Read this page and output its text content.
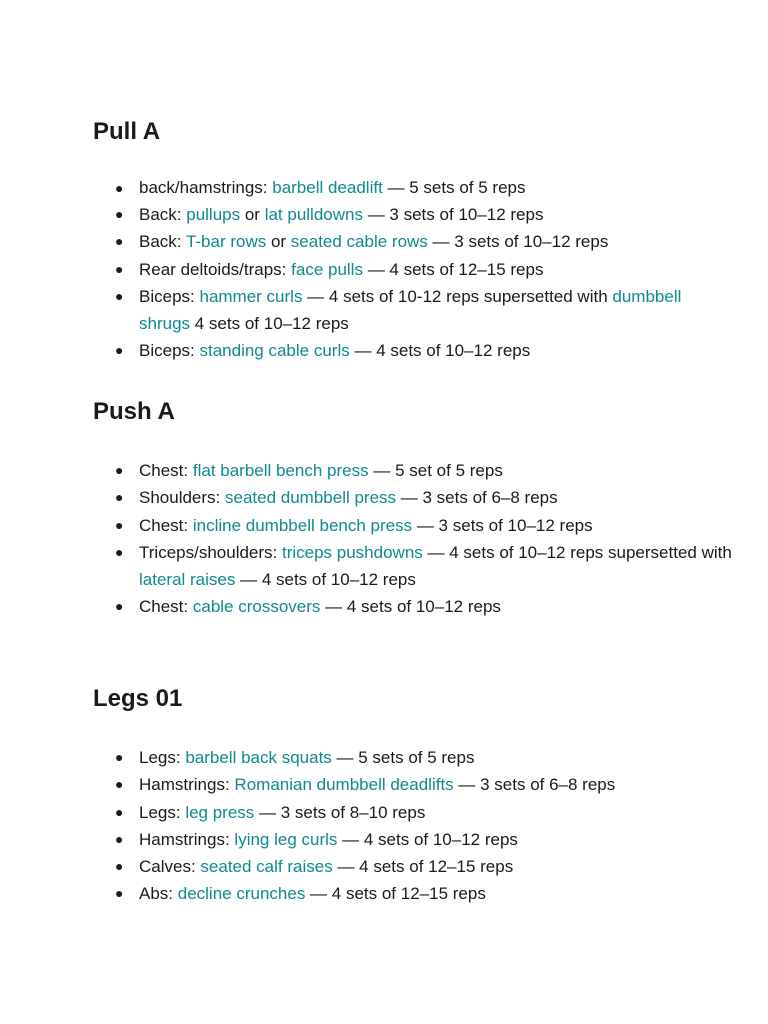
Pull A
● back/hamstrings: barbell deadlift — 5 sets of 5 reps
● Back: pullups or lat pulldowns — 3 sets of 10–12 reps
● Back: T-bar rows or seated cable rows — 3 sets of 10–12 reps
● Rear deltoids/traps: face pulls — 4 sets of 12–15 reps
● Biceps: hammer curls — 4 sets of 10-12 reps supersetted with dumbbell shrugs 4 sets of 10–12 reps
● Biceps: standing cable curls — 4 sets of 10–12 reps
Push A
● Chest: flat barbell bench press — 5 set of 5 reps
● Shoulders: seated dumbbell press — 3 sets of 6–8 reps
● Chest: incline dumbbell bench press — 3 sets of 10–12 reps
● Triceps/shoulders: triceps pushdowns — 4 sets of 10–12 reps supersetted with lateral raises — 4 sets of 10–12 reps
● Chest: cable crossovers — 4 sets of 10–12 reps
Legs 01
● Legs: barbell back squats — 5 sets of 5 reps
● Hamstrings: Romanian dumbbell deadlifts — 3 sets of 6–8 reps
● Legs: leg press — 3 sets of 8–10 reps
● Hamstrings: lying leg curls — 4 sets of 10–12 reps
● Calves: seated calf raises — 4 sets of 12–15 reps
● Abs: decline crunches — 4 sets of 12–15 reps
